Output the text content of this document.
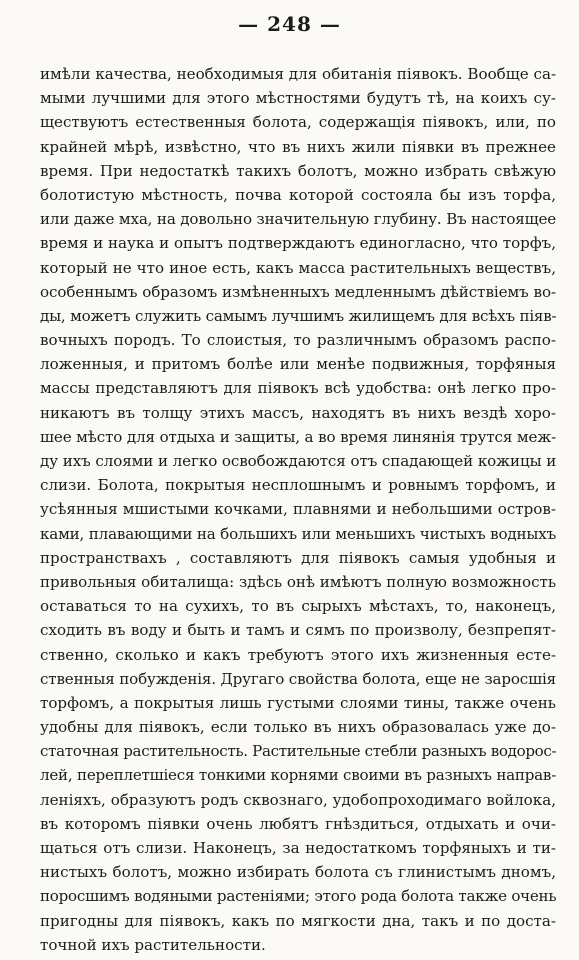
— 248 —
имѣли качества, необходимыя для обитанія піявокъ. Вообще са-
мыми лучшими для этого мѣстностями будутъ тѣ, на коихъ су-
ществуютъ естественныя болота, содержащія піявокъ, или, по
крайней мѣрѣ, извѣстно, что въ нихъ жили піявки въ прежнее
время. При недостаткѣ такихъ болотъ, можно избрать свѣжую
болотистую мѣстность, почва которой состояла бы изъ торфа,
или даже мха, на довольно значительную глубину. Въ настоящее
время и наука и опытъ подтверждаютъ единогласно, что торфъ,
который не что иное есть, какъ масса растительныхъ веществъ,
особеннымъ образомъ измѣненныхъ медленнымъ дѣйствіемъ во-
ды, можетъ служить самымъ лучшимъ жилищемъ для всѣхъ піяв-
вочныхъ породъ. То слоистыя, то различнымъ образомъ распо-
ложенныя, и притомъ болѣе или менѣе подвижныя, торфяныя
массы представляютъ для піявокъ всѣ удобства: онѣ легко про-
никаютъ въ толщу этихъ массъ, находятъ въ нихъ вездѣ хоро-
шее мѣсто для отдыха и защиты, а во время линянія трутся меж-
ду ихъ слоями и легко освобождаются отъ спадающей кожицы и
слизи. Болота, покрытыя несплошнымъ и ровнымъ торфомъ, и
усѣянныя мшистыми кочками, плавнями и небольшими остров-
ками, плавающими на большихъ или меньшихъ чистыхъ водныхъ
пространствахъ , составляютъ для піявокъ самыя удобныя и
привольныя обиталища: здѣсь онѣ имѣютъ полную возможность
оставаться то на сухихъ, то въ сырыхъ мѣстахъ, то, наконецъ,
сходить въ воду и быть и тамъ и сямъ по произволу, безпрепят-
ственно, сколько и какъ требуютъ этого ихъ жизненныя есте-
ственныя побужденія. Другаго свойства болота, еще не заросшія
торфомъ, а покрытыя лишь густыми слоями тины, также очень
удобны для піявокъ, если только въ нихъ образовалась уже до-
статочная растительность. Растительные стебли разныхъ водорос-
лей, переплетшіеся тонкими корнями своими въ разныхъ направ-
леніяхъ, образуютъ родъ сквознаго, удобопроходимаго войлока,
въ которомъ піявки очень любятъ гнѣздиться, отдыхать и очи-
щаться отъ слизи. Наконецъ, за недостаткомъ торфяныхъ и ти-
нистыхъ болотъ, можно избирать болота съ глинистымъ дномъ,
поросшимъ водяными растеніями; этого рода болота также очень
пригодны для піявокъ, какъ по мягкости дна, такъ и по доста-
точной ихъ растительности.
